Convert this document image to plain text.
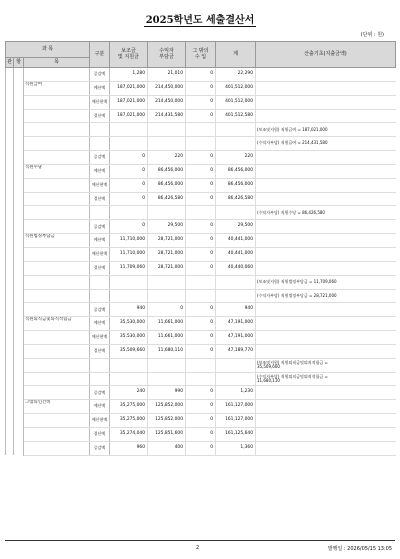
2025학년도 세출결산서
(단위 : 원)
과 목			구분	보조금
및 지원금	수익자
부담금	그 밖의
수 입	계	산출기초(지출금액)
관	항	목						
			증감액	1,280	21,010	0	22,290	
		직원급여	예산액	187,021,000	214,450,000	0	401,512,000	
			예산현액	187,021,000	214,450,000	0	401,512,000	
			결산액	187,021,000	214,431,580	0	401,512,580	
								(보조및지원) 직원급여 = 187,021,000
								(수익자부담) 직원급여 = 214,431,580
			증감액	0	220	0	220	
		직원수당	예산액	0	86,456,000	0	86,456,000	
			예산현액	0	86,456,000	0	86,456,000	
			결산액	0	86,426,580	0	86,426,580	
								(수익자부담) 직원수당 = 86,426,580
			증감액	0	29,500	0	29,500	
		직원법정부담금	예산액	11,710,000	28,721,000	0	40,441,000	
			예산현액	11,710,000	28,721,000	0	40,441,000	
			결산액	11,709,060	28,721,000	0	40,440,060	
								(보조및지원) 직원법정부담금 = 11,709,060
								(수익자부담) 직원법정부담금 = 28,721,000
			증감액	940	0	0	940	
		직원퇴직금및퇴직적립금	예산액	35,530,000	11,661,000	0	47,191,000	
			예산현액	35,530,000	11,661,000	0	47,191,000	
			결산액	35,509,660	11,680,110	0	47,189,770	
								(보조및지원) 직원퇴직금및퇴직적립금 =
35,509,660
								(수익자부담) 직원퇴직금및퇴직적립금 =
11,680,110
			증감액	240	990	0	1,230	
		그밖의인건비	예산액	35,275,000	125,852,000	0	161,127,000	
			예산현액	35,275,000	125,852,000	0	161,127,000	
			결산액	35,274,040	125,851,600	0	161,125,640	
			증감액	960	400	0	1,360	
2	발행일 : 2026/05/15 13:05
